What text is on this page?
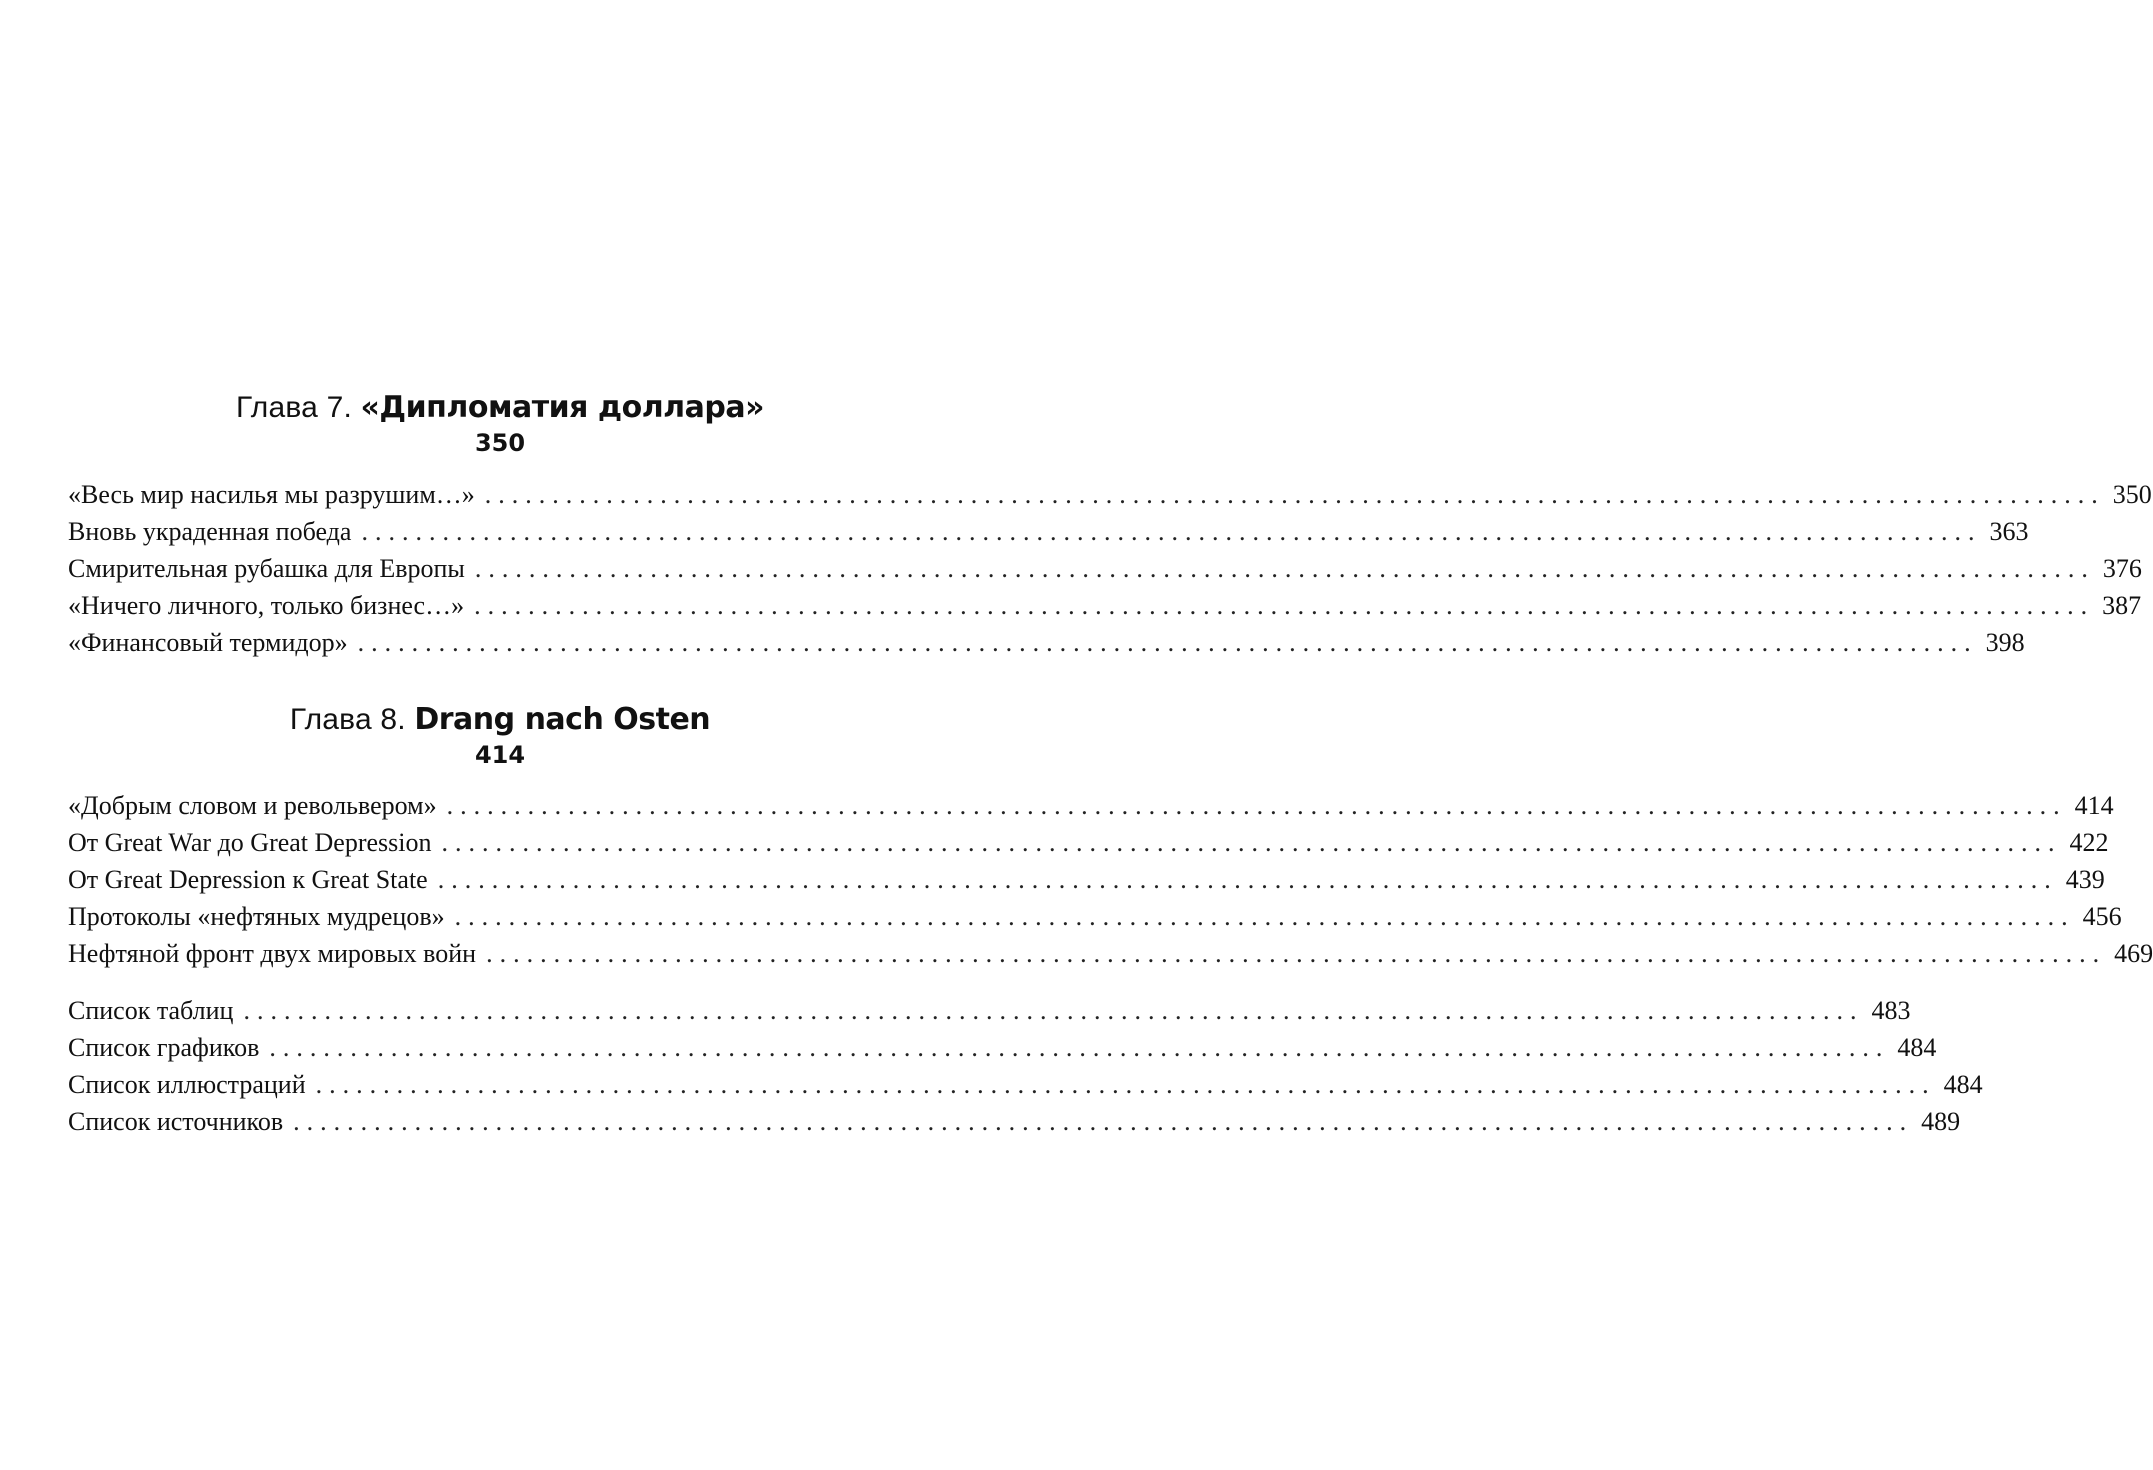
Глава 7. «Дипломатия доллара»
350
«Весь мир насилья мы разрушим…» ........................................................................................................................ 350
Вновь украденная победа ........................................................................................................................ 363
Смирительная рубашка для Европы ........................................................................................................................ 376
«Ничего личного, только бизнес…» ........................................................................................................................ 387
«Финансовый термидор» ........................................................................................................................ 398
Глава 8. Drang nach Osten
414
«Добрым словом и револьвером» ........................................................................................................................ 414
От Great War до Great Depression ........................................................................................................................ 422
От Great Depression к Great State ........................................................................................................................ 439
Протоколы «нефтяных мудрецов» ........................................................................................................................ 456
Нефтяной фронт двух мировых войн ........................................................................................................................ 469
Список таблиц ........................................................................................................................ 483
Список графиков ........................................................................................................................ 484
Список иллюстраций ........................................................................................................................ 484
Список источников ........................................................................................................................ 489
